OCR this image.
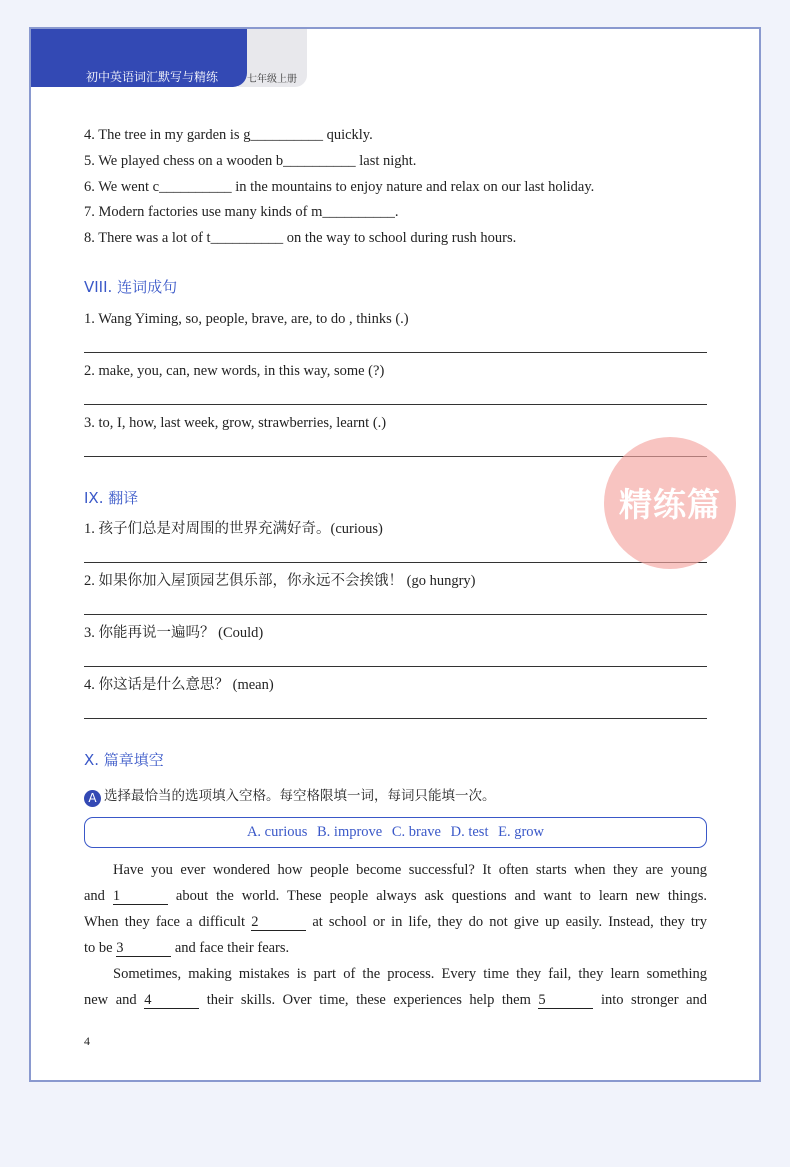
七年级上册
初中英语词汇默写与精练
4. The tree in my garden is g__________ quickly.
5. We played chess on a wooden b__________ last night.
6. We went c__________ in the mountains to enjoy nature and relax on our last holiday.
7. Modern factories use many kinds of m__________.
8. There was a lot of t__________ on the way to school during rush hours.
VIII. 连词成句
1. Wang Yiming, so, people, brave, are, to do , thinks (.)
2. make, you, can, new words, in this way, some (?)
3. to, I, how, last week, grow, strawberries, learnt (.)
IX. 翻译
1. 孩子们总是对周围的世界充满好奇。(curious)
2. 如果你加入屋顶园艺俱乐部，你永远不会挨饿！ (go hungry)
3. 你能再说一遍吗？ (Could)
4. 你这话是什么意思？ (mean)
精练篇
X. 篇章填空
A 选择最恰当的选项填入空格。每空格限填一词，每词只能填一次。
A. curious B. improve C. brave D. test E. grow
Have you ever wondered how people become successful? It often starts when they are young
and 1	about the world. These people always ask questions and want to learn new things.
When they face a difficult 2	at school or in life, they do not give up easily. Instead, they try
to be 3	and face their fears.
Sometimes, making mistakes is part of the process. Every time they fail, they learn something
new and 4	their skills. Over time, these experiences help them 5	into stronger and
4
